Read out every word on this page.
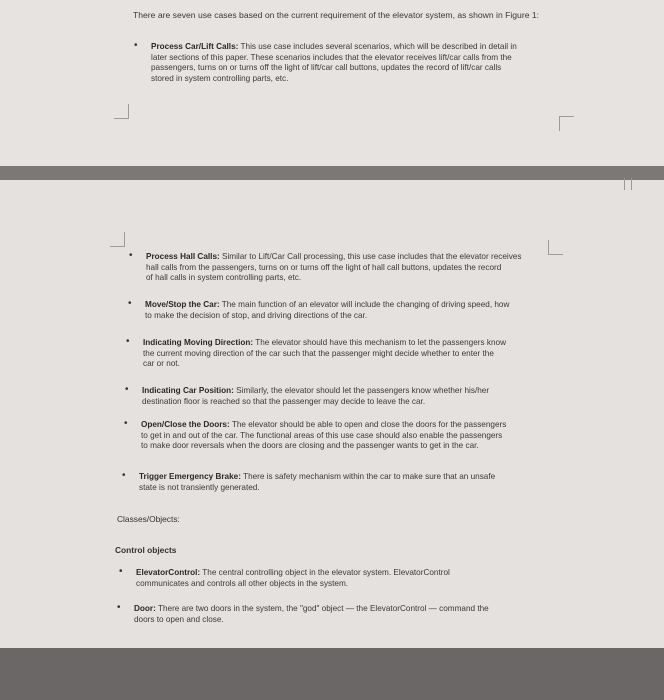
There are seven use cases based on the current requirement of the elevator system, as shown in Figure 1:
• Process Car/Lift Calls: This use case includes several scenarios, which will be described in detail in
later sections of this paper. These scenarios includes that the elevator receives lift/car calls from the
passengers, turns on or turns off the light of lift/car call buttons, updates the record of lift/car calls
stored in system controlling parts, etc.
• Process Hall Calls: Similar to Lift/Car Call processing, this use case includes that the elevator receives
hall calls from the passengers, turns on or turns off the light of hall call buttons, updates the record
of hall calls in system controlling parts, etc.
• Move/Stop the Car: The main function of an elevator will include the changing of driving speed, how
to make the decision of stop, and driving directions of the car.
• Indicating Moving Direction: The elevator should have this mechanism to let the passengers know
the current moving direction of the car such that the passenger might decide whether to enter the
car or not.
• Indicating Car Position: Similarly, the elevator should let the passengers know whether his/her
destination floor is reached so that the passenger may decide to leave the car.
• Open/Close the Doors: The elevator should be able to open and close the doors for the passengers
to get in and out of the car. The functional areas of this use case should also enable the passengers
to make door reversals when the doors are closing and the passenger wants to get in the car.
• Trigger Emergency Brake: There is safety mechanism within the car to make sure that an unsafe
state is not transiently generated.
Classes/Objects:
Control objects
• ElevatorControl: The central controlling object in the elevator system. ElevatorControl
communicates and controls all other objects in the system.
• Door: There are two doors in the system, the "god" object — the ElevatorControl — command the
doors to open and close.
